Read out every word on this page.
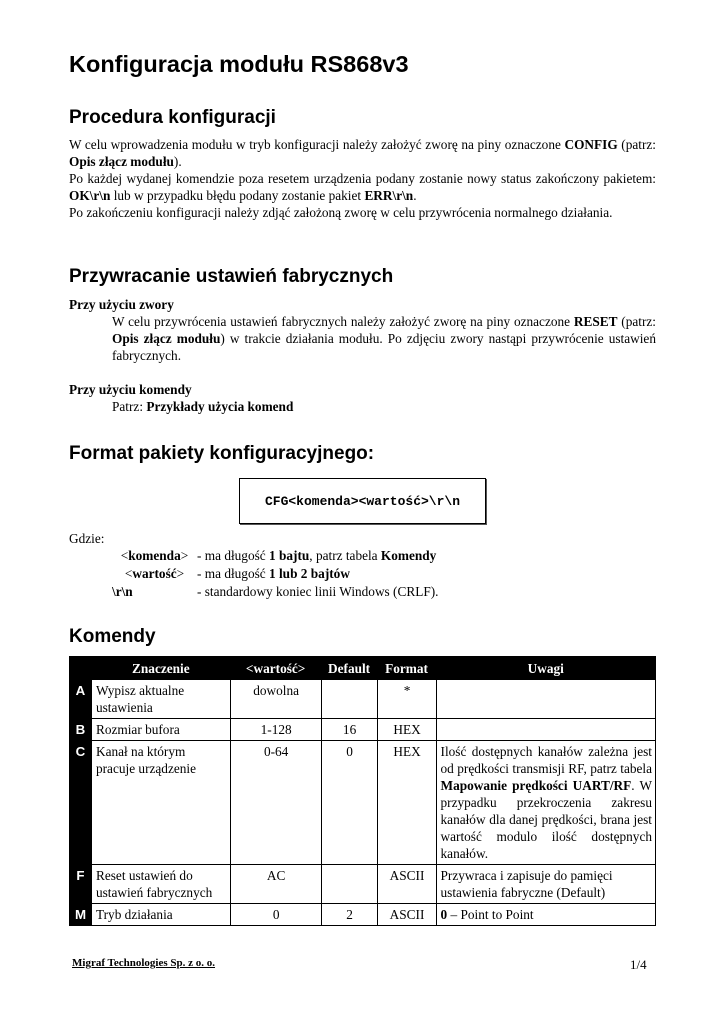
Konfiguracja modułu RS868v3
Procedura konfiguracji

W celu wprowadzenia modułu w tryb konfiguracji należy założyć zworę na piny oznaczone CONFIG (patrz: Opis złącz modułu).

Po każdej wydanej komendzie poza resetem urządzenia podany zostanie nowy status zakończony pakietem: OK\r\n lub w przypadku błędu podany zostanie pakiet ERR\r\n.

Po zakończeniu konfiguracji należy zdjąć założoną zworę w celu przywrócenia normalnego działania.

Przywracanie ustawień fabrycznych

Przy użyciu zwory

W celu przywrócenia ustawień fabrycznych należy założyć zworę na piny oznaczone RESET (patrz: Opis złącz modułu) w trakcie działania modułu. Po zdjęciu zwory nastąpi przywrócenie ustawień fabrycznych.

Przy użyciu komendy

Patrz: Przykłady użycia komend

Format pakiety konfiguracyjnego:
CFG<komenda><wartość>\r\n

Gdzie:

<komenda> - ma długość 1 bajtu, patrz tabela Komendy
<wartość> - ma długość 1 lub 2 bajtów
\r\n	- standardowy koniec linii Windows (CRLF).
Komendy
	Znaczenie	<wartość>	Default	Format	Uwagi
A	Wypisz aktualne ustawienia	dowolna		*	
B	Rozmiar bufora	1-128	16	HEX	
C	Kanał na którym pracuje urządzenie	0-64	0	HEX	Ilość dostępnych kanałów zależna jest od prędkości transmisji RF, patrz tabela Mapowanie prędkości UART/RF. W przypadku przekroczenia zakresu kanałów dla danej prędkości, brana jest wartość modulo ilość dostępnych kanałów.
F	Reset ustawień do ustawień fabrycznych	AC		ASCII	Przywraca i zapisuje do pamięci ustawienia fabryczne (Default)
M	Tryb działania	0	2	ASCII	0 – Point to Point
Migraf Technologies Sp. z o. o.	1/4
